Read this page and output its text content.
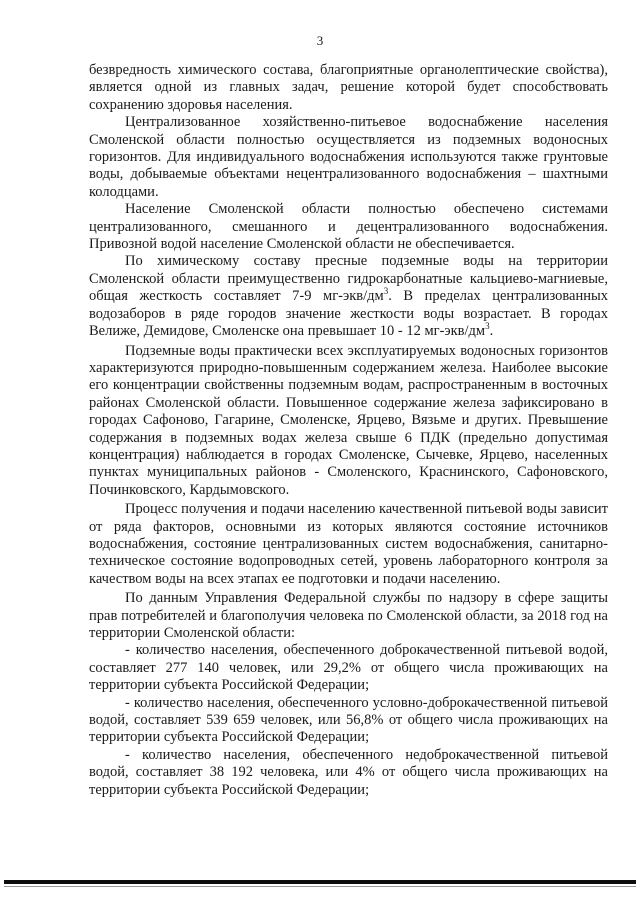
3

безвредность химического состава, благоприятные органолептические свойства), является одной из главных задач, решение которой будет способствовать сохранению здоровья населения.

Централизованное хозяйственно-питьевое водоснабжение населения Смоленской области полностью осуществляется из подземных водоносных горизонтов. Для индивидуального водоснабжения используются также грунтовые воды, добываемые объектами нецентрализованного водоснабжения – шахтными колодцами.

Население Смоленской области полностью обеспечено системами централизованного, смешанного и децентрализованного водоснабжения. Привозной водой население Смоленской области не обеспечивается.

По химическому составу пресные подземные воды на территории Смоленской области преимущественно гидрокарбонатные кальциево-магниевые, общая жесткость составляет 7-9 $мг-экв/дм^3$. В пределах централизованных водозаборов в ряде городов значение жесткости воды возрастает. В городах Велиже, Демидове, Смоленске она превышает 10 - 12 $мг-экв/дм^3$.

Подземные воды практически всех эксплуатируемых водоносных горизонтов характеризуются природно-повышенным содержанием железа. Наиболее высокие его концентрации свойственны подземным водам, распространенным в восточных районах Смоленской области. Повышенное содержание железа зафиксировано в городах Сафоново, Гагарине, Смоленске, Ярцево, Вязьме и других. Превышение содержания в подземных водах железа свыше 6 ПДК (предельно допустимая концентрация) наблюдается в городах Смоленске, Сычевке, Ярцево, населенных пунктах муниципальных районов - Смоленского, Краснинского, Сафоновского, Починковского, Кардымовского.

Процесс получения и подачи населению качественной питьевой воды зависит от ряда факторов, основными из которых являются состояние источников водоснабжения, состояние централизованных систем водоснабжения, санитарно-техническое состояние водопроводных сетей, уровень лабораторного контроля за качеством воды на всех этапах ее подготовки и подачи населению.

По данным Управления Федеральной службы по надзору в сфере защиты прав потребителей и благополучия человека по Смоленской области, за 2018 год на территории Смоленской области:

- количество населения, обеспеченного доброкачественной питьевой водой, составляет 277 140 человек, или 29,2% от общего числа проживающих на территории субъекта Российской Федерации;

- количество населения, обеспеченного условно-доброкачественной питьевой водой, составляет 539 659 человек, или 56,8% от общего числа проживающих на территории субъекта Российской Федерации;

- количество населения, обеспеченного недоброкачественной питьевой водой, составляет 38 192 человека, или 4% от общего числа проживающих на территории субъекта Российской Федерации;
